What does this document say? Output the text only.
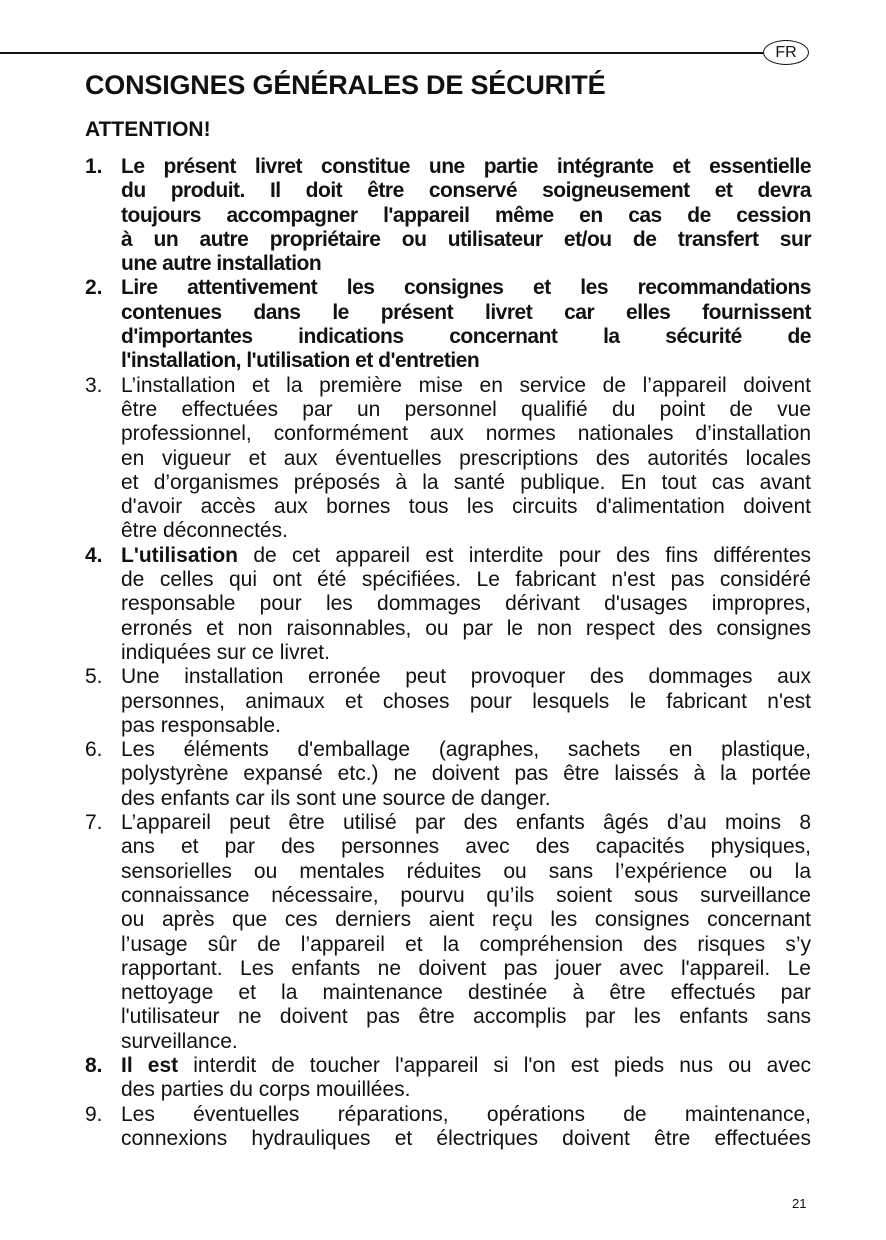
FR
CONSIGNES GÉNÉRALES DE SÉCURITÉ
ATTENTION!
1. Le présent livret constitue une partie intégrante et essentielle
du produit. Il doit être conservé soigneusement et devra
toujours accompagner l'appareil même en cas de cession
à un autre propriétaire ou utilisateur et/ou de transfert sur
une autre installation
2. Lire attentivement les consignes et les recommandations
contenues dans le présent livret car elles fournissent
d'importantes indications concernant la sécurité de
l'installation, l'utilisation et d'entretien
3. L’installation et la première mise en service de l’appareil doivent
être effectuées par un personnel qualifié du point de vue
professionnel, conformément aux normes nationales d’installation
en vigueur et aux éventuelles prescriptions des autorités locales
et d’organismes préposés à la santé publique. En tout cas avant
d'avoir accès aux bornes tous les circuits d'alimentation doivent
être déconnectés.
4. L'utilisation de cet appareil est interdite pour des fins différentes
de celles qui ont été spécifiées. Le fabricant n'est pas considéré
responsable pour les dommages dérivant d'usages impropres,
erronés et non raisonnables, ou par le non respect des consignes
indiquées sur ce livret.
5. Une installation erronée peut provoquer des dommages aux
personnes, animaux et choses pour lesquels le fabricant n'est
pas responsable.
6. Les éléments d'emballage (agraphes, sachets en plastique,
polystyrène expansé etc.) ne doivent pas être laissés à la portée
des enfants car ils sont une source de danger.
7. L’appareil peut être utilisé par des enfants âgés d’au moins 8
ans et par des personnes avec des capacités physiques,
sensorielles ou mentales réduites ou sans l’expérience ou la
connaissance nécessaire, pourvu qu’ils soient sous surveillance
ou après que ces derniers aient reçu les consignes concernant
l’usage sûr de l’appareil et la compréhension des risques s’y
rapportant. Les enfants ne doivent pas jouer avec l'appareil. Le
nettoyage et la maintenance destinée à être effectués par
l'utilisateur ne doivent pas être accomplis par les enfants sans
surveillance.
8. Il est interdit de toucher l'appareil si l'on est pieds nus ou avec
des parties du corps mouillées.
9. Les éventuelles réparations, opérations de maintenance,
connexions hydrauliques et électriques doivent être effectuées
21
